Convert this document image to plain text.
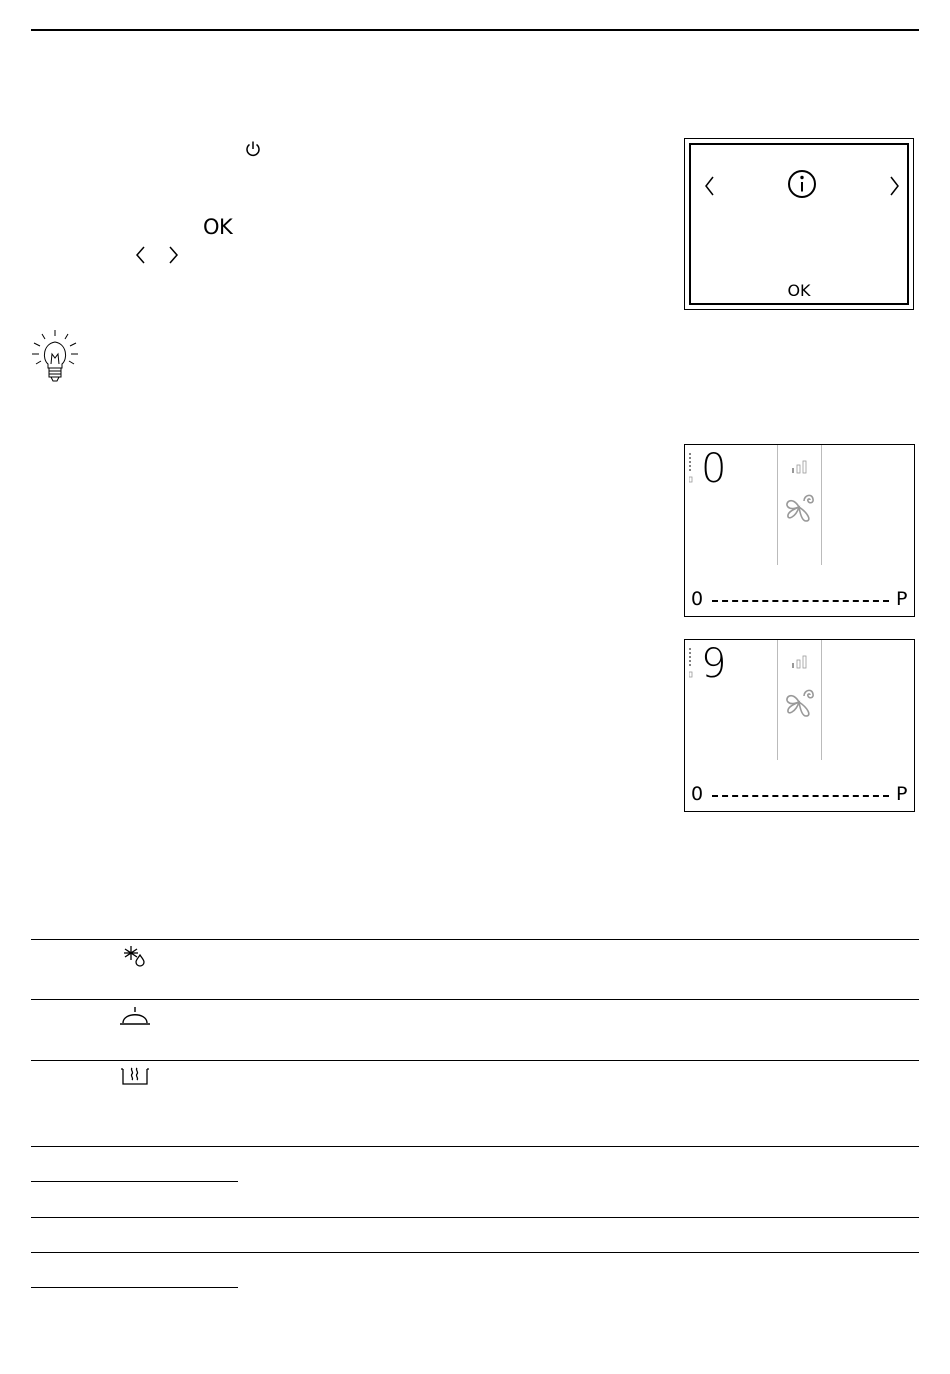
OK
OK
0
0	P
9
0	P
